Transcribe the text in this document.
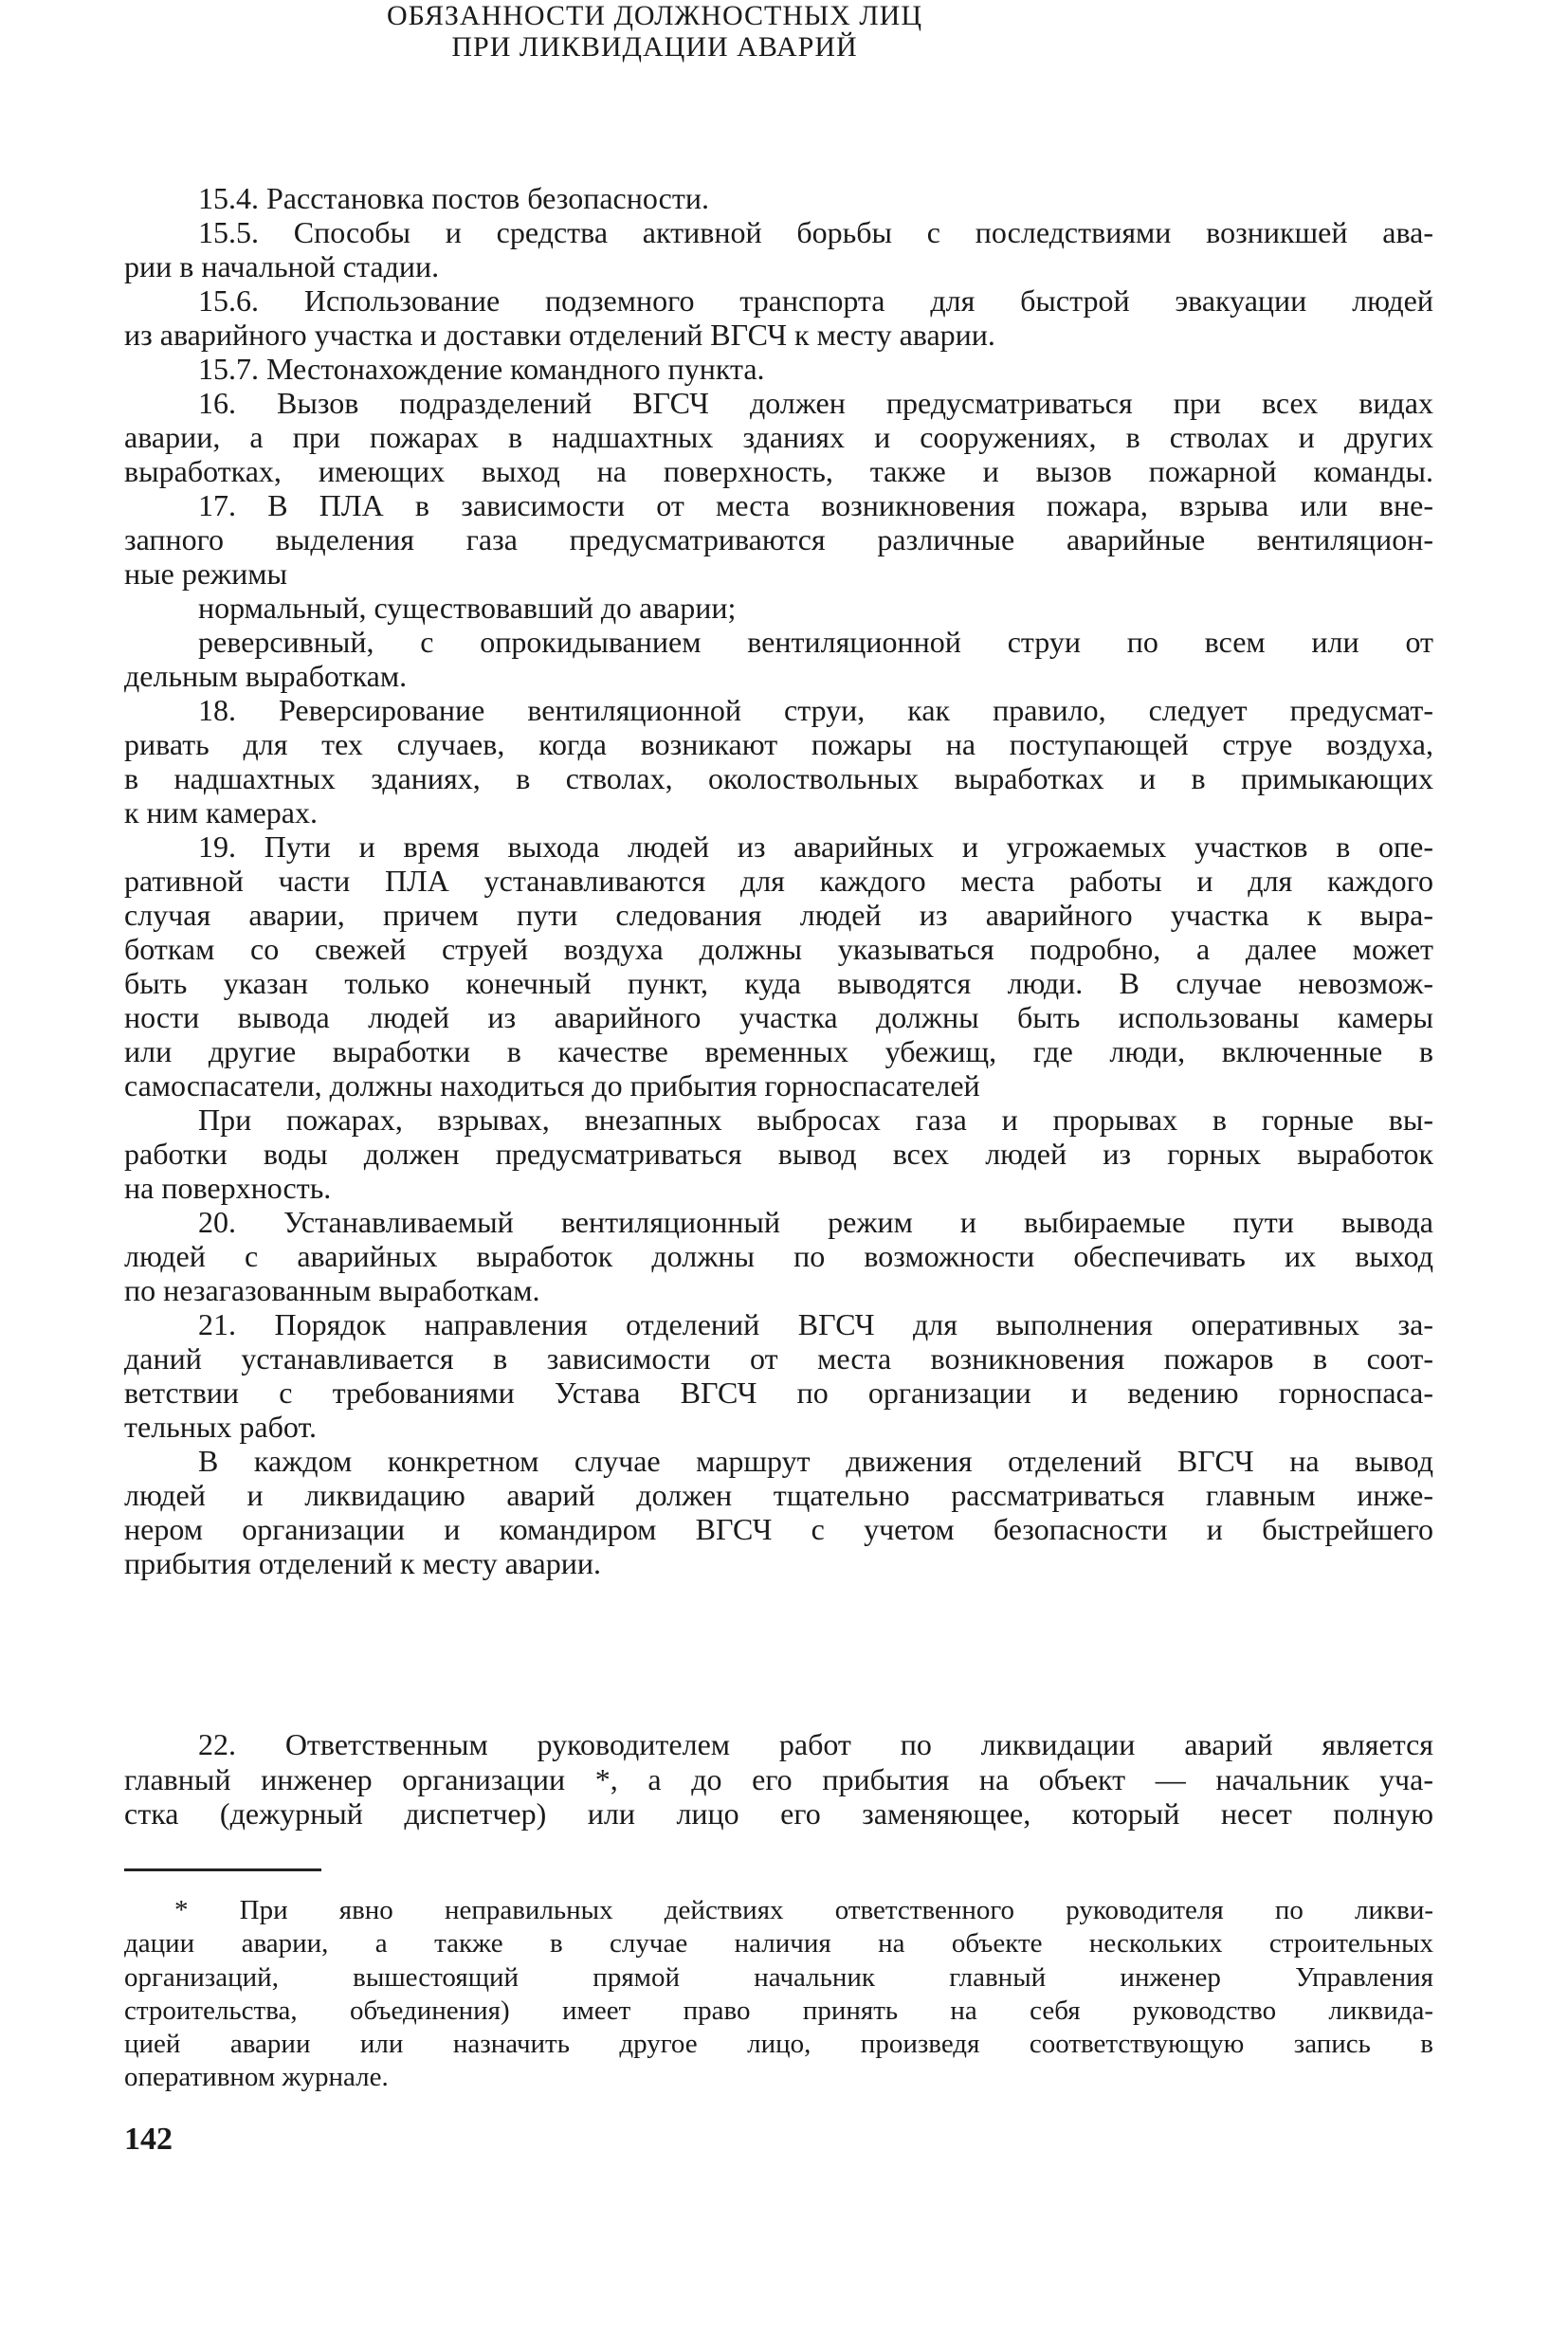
15.4. Расстановка постов безопасности.
15.5. Способы и средства активной борьбы с последствиями возникшей ава-
рии в начальной стадии.
15.6. Использование подземного транспорта для быстрой эвакуации людей
из аварийного участка и доставки отделений ВГСЧ к месту аварии.
15.7. Местонахождение командного пункта.
16. Вызов подразделений ВГСЧ должен предусматриваться при всех видах
аварии, а при пожарах в надшахтных зданиях и сооружениях, в стволах и других
выработках, имеющих выход на поверхность, также и вызов пожарной команды.
17. В ПЛА в зависимости от места возникновения пожара, взрыва или вне-
запного выделения газа предусматриваются различные аварийные вентиляцион-
ные режимы
нормальный, существовавший до аварии;
реверсивный, с опрокидыванием вентиляционной струи по всем или от
дельным выработкам.
18. Реверсирование вентиляционной струи, как правило, следует предусмат-
ривать для тех случаев, когда возникают пожары на поступающей струе воздуха,
в надшахтных зданиях, в стволах, околоствольных выработках и в примыкающих
к ним камерах.
19. Пути и время выхода людей из аварийных и угрожаемых участков в опе-
ративной части ПЛА устанавливаются для каждого места работы и для каждого
случая аварии, причем пути следования людей из аварийного участка к выра-
боткам со свежей струей воздуха должны указываться подробно, а далее может
быть указан только конечный пункт, куда выводятся люди. В случае невозмож-
ности вывода людей из аварийного участка должны быть использованы камеры
или другие выработки в качестве временных убежищ, где люди, включенные в
самоспасатели, должны находиться до прибытия горноспасателей
При пожарах, взрывах, внезапных выбросах газа и прорывах в горные вы-
работки воды должен предусматриваться вывод всех людей из горных выработок
на поверхность.
20. Устанавливаемый вентиляционный режим и выбираемые пути вывода
людей с аварийных выработок должны по возможности обеспечивать их выход
по незагазованным выработкам.
21. Порядок направления отделений ВГСЧ для выполнения оперативных за-
даний устанавливается в зависимости от места возникновения пожаров в соот-
ветствии с требованиями Устава ВГСЧ по организации и ведению горноспаса-
тельных работ.
В каждом конкретном случае маршрут движения отделений ВГСЧ на вывод
людей и ликвидацию аварий должен тщательно рассматриваться главным инже-
нером организации и командиром ВГСЧ с учетом безопасности и быстрейшего
прибытия отделений к месту аварии.
ОБЯЗАННОСТИ ДОЛЖНОСТНЫХ ЛИЦ
ПРИ ЛИКВИДАЦИИ АВАРИЙ
22. Ответственным руководителем работ по ликвидации аварий является
главный инженер организации *, а до его прибытия на объект — начальник уча-
стка (дежурный диспетчер) или лицо его заменяющее, который несет полную
* При явно неправильных действиях ответственного руководителя по ликви-
дации аварии, а также в случае наличия на объекте нескольких строительных
организаций, вышестоящий прямой начальник главный инженер Управления
строительства, объединения) имеет право принять на себя руководство ликвида-
цией аварии или назначить другое лицо, произведя соответствующую запись в
оперативном журнале.
142
